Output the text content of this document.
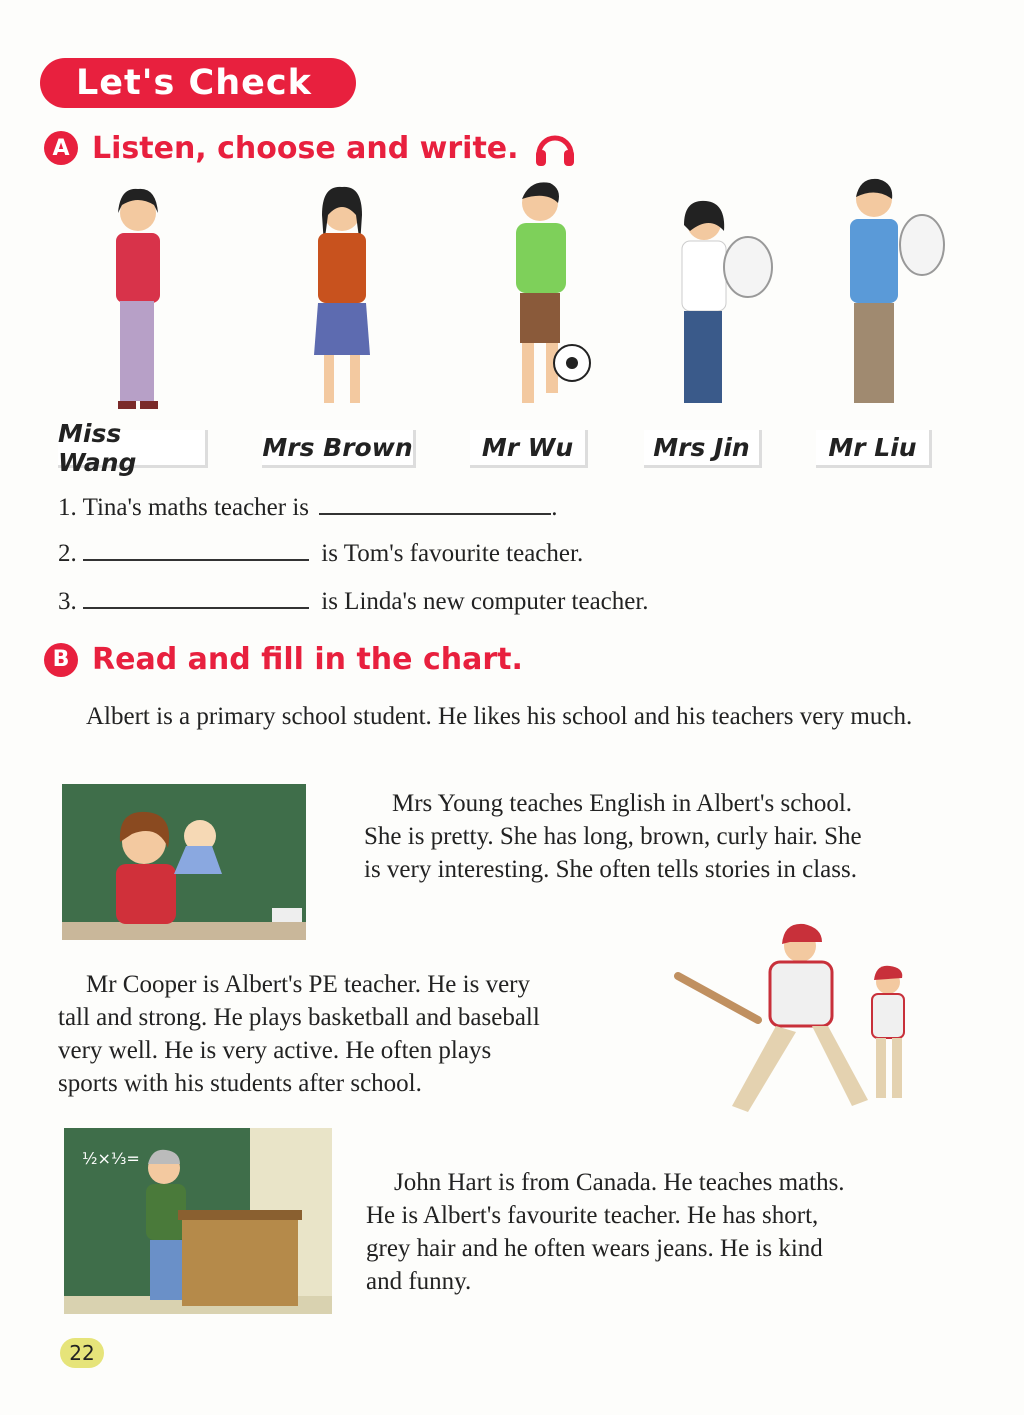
Let's Check
A Listen, choose and write.
Miss Wang	Mrs Brown	Mr Wu	Mrs Jin	Mr Liu
1. Tina's maths teacher is	.
2.	is Tom's favourite teacher.
3.	is Linda's new computer teacher.
B Read and fill in the chart.
Albert is a primary school student. He likes his school and his teachers very much.
Mrs Young teaches English in Albert's school.
She is pretty. She has long, brown, curly hair. She
is very interesting. She often tells stories in class.
Mr Cooper is Albert's PE teacher. He is very
tall and strong. He plays basketball and baseball
very well. He is very active. He often plays
sports with his students after school.
½×⅓=
John Hart is from Canada. He teaches maths.
He is Albert's favourite teacher. He has short,
grey hair and he often wears jeans. He is kind
and funny.
22
